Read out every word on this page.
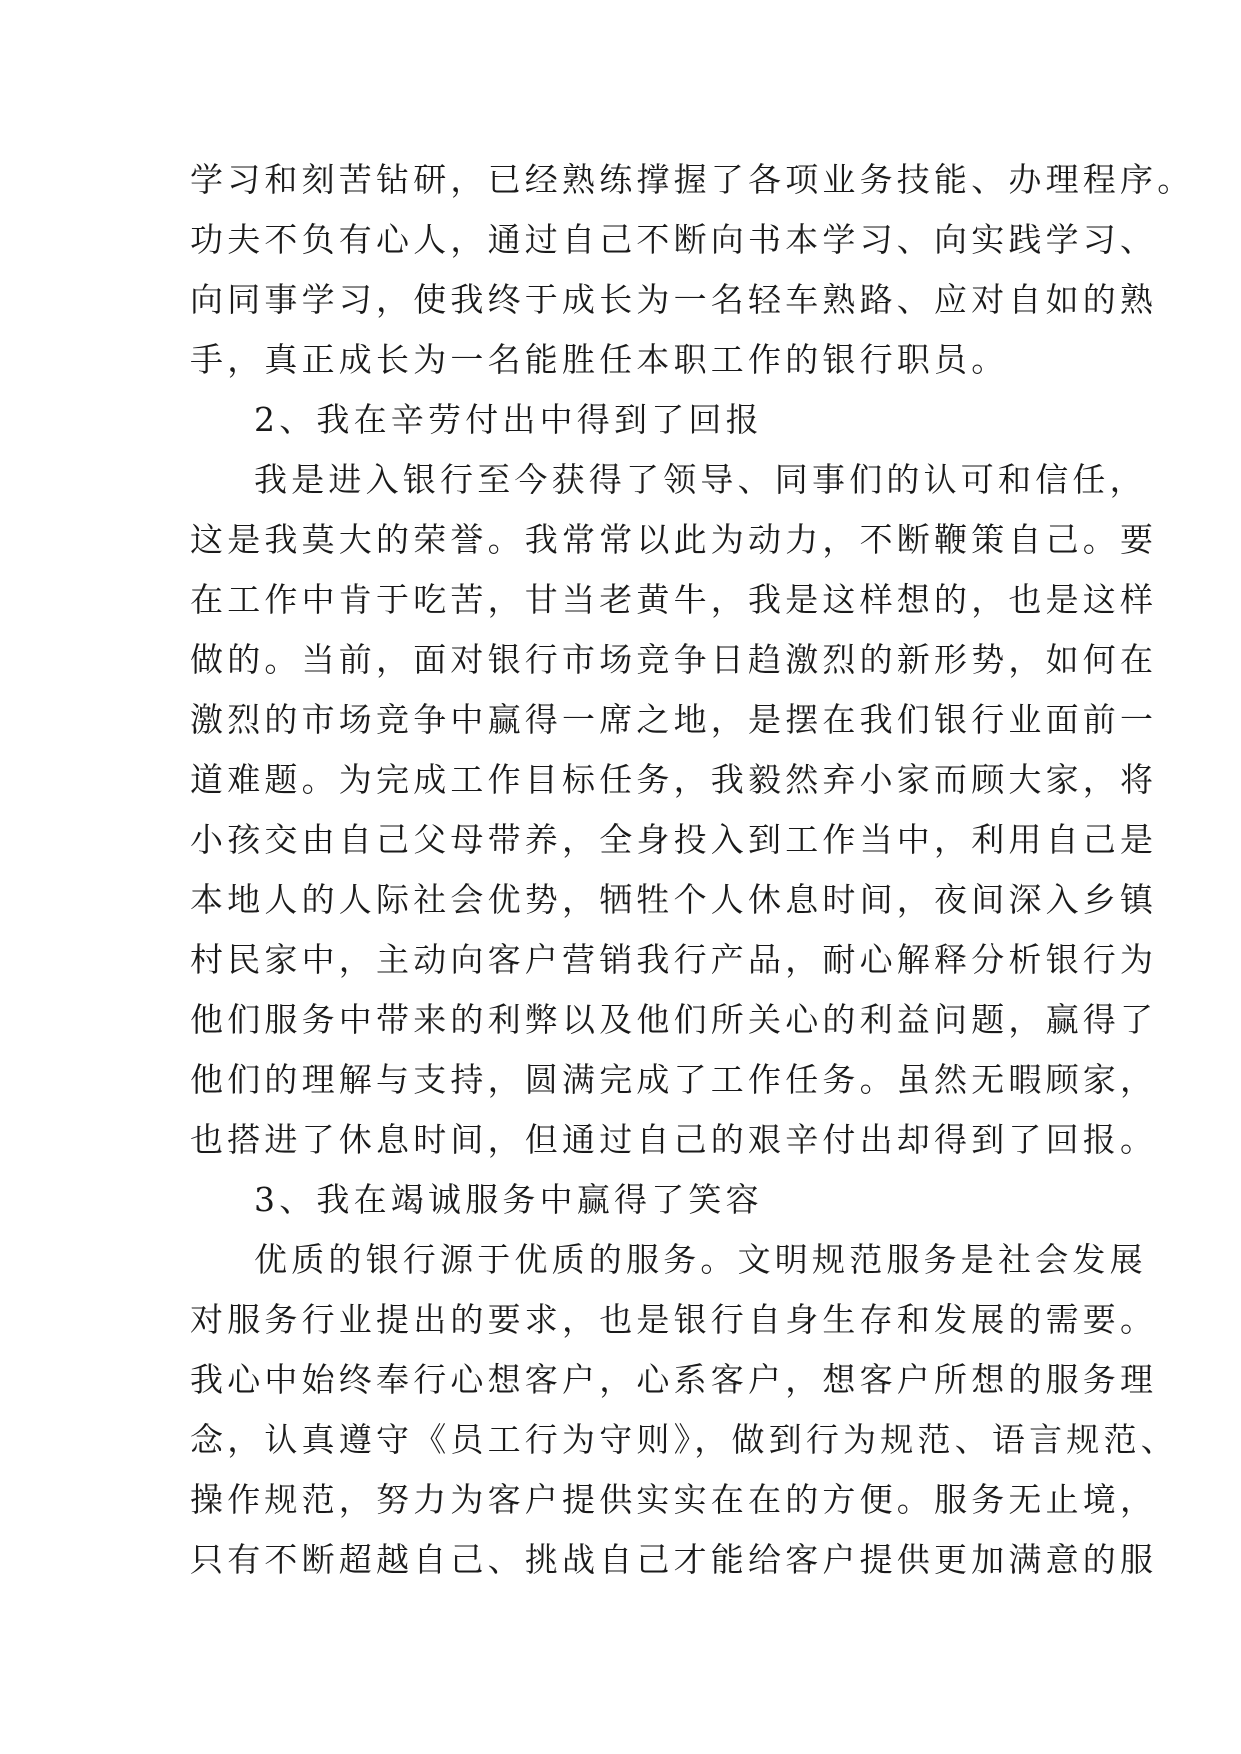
学习和刻苦钻研，已经熟练撑握了各项业务技能、办理程序。
功夫不负有心人，通过自己不断向书本学习、向实践学习、
向同事学习，使我终于成长为一名轻车熟路、应对自如的熟
手，真正成长为一名能胜任本职工作的银行职员。
2、我在辛劳付出中得到了回报
我是进入银行至今获得了领导、同事们的认可和信任，
这是我莫大的荣誉。我常常以此为动力，不断鞭策自己。要
在工作中肯于吃苦，甘当老黄牛，我是这样想的，也是这样
做的。当前，面对银行市场竞争日趋激烈的新形势，如何在
激烈的市场竞争中赢得一席之地，是摆在我们银行业面前一
道难题。为完成工作目标任务，我毅然弃小家而顾大家，将
小孩交由自己父母带养，全身投入到工作当中，利用自己是
本地人的人际社会优势，牺牲个人休息时间，夜间深入乡镇
村民家中，主动向客户营销我行产品，耐心解释分析银行为
他们服务中带来的利弊以及他们所关心的利益问题，赢得了
他们的理解与支持，圆满完成了工作任务。虽然无暇顾家，
也搭进了休息时间，但通过自己的艰辛付出却得到了回报。
3、我在竭诚服务中赢得了笑容
优质的银行源于优质的服务。文明规范服务是社会发展
对服务行业提出的要求，也是银行自身生存和发展的需要。
我心中始终奉行心想客户，心系客户，想客户所想的服务理
念，认真遵守《员工行为守则》，做到行为规范、语言规范、
操作规范，努力为客户提供实实在在的方便。服务无止境，
只有不断超越自己、挑战自己才能给客户提供更加满意的服
